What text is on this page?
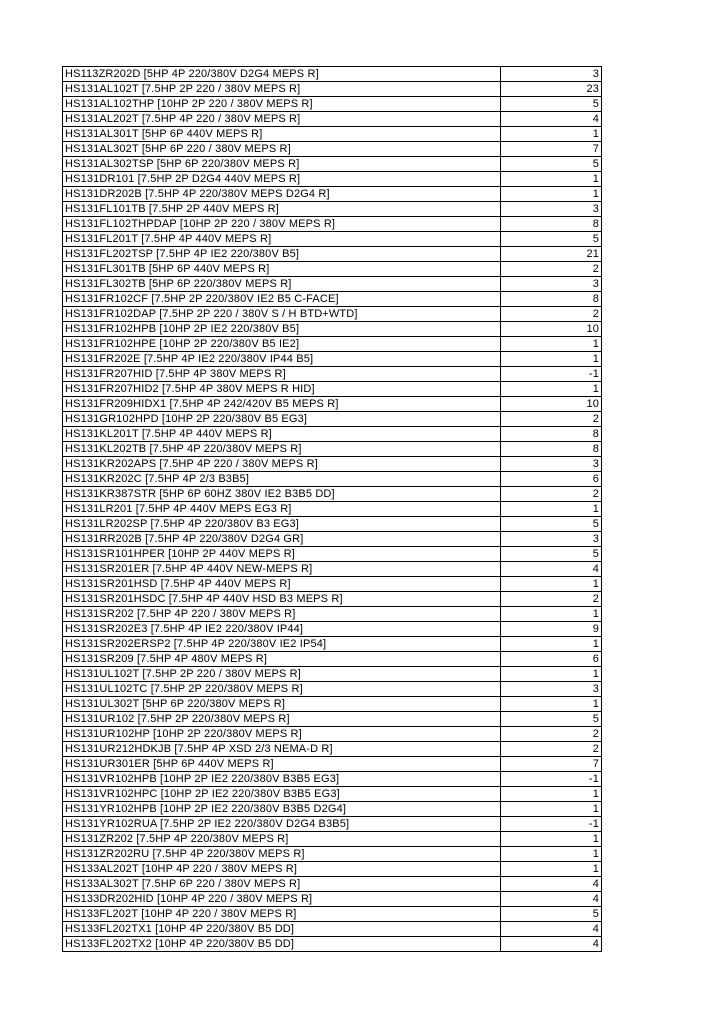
HS113ZR202D [5HP 4P 220/380V D2G4 MEPS R]	3
HS131AL102T [7.5HP 2P 220 / 380V MEPS R]	23
HS131AL102THP [10HP 2P 220 / 380V MEPS R]	5
HS131AL202T [7.5HP 4P 220 / 380V MEPS R]	4
HS131AL301T [5HP 6P 440V MEPS R]	1
HS131AL302T [5HP 6P 220 / 380V MEPS R]	7
HS131AL302TSP [5HP 6P 220/380V MEPS R]	5
HS131DR101 [7.5HP 2P D2G4 440V MEPS R]	1
HS131DR202B [7.5HP 4P 220/380V MEPS D2G4 R]	1
HS131FL101TB [7.5HP 2P 440V MEPS R]	3
HS131FL102THPDAP [10HP 2P 220 / 380V MEPS R]	8
HS131FL201T [7.5HP 4P 440V MEPS R]	5
HS131FL202TSP [7.5HP 4P IE2 220/380V B5]	21
HS131FL301TB [5HP 6P 440V MEPS R]	2
HS131FL302TB [5HP 6P 220/380V MEPS R]	3
HS131FR102CF [7.5HP 2P 220/380V IE2 B5 C-FACE]	8
HS131FR102DAP [7.5HP 2P 220 / 380V S / H BTD+WTD]	2
HS131FR102HPB [10HP 2P IE2 220/380V B5]	10
HS131FR102HPE [10HP 2P 220/380V B5 IE2]	1
HS131FR202E [7.5HP 4P IE2 220/380V IP44 B5]	1
HS131FR207HID [7.5HP 4P 380V MEPS R]	-1
HS131FR207HID2 [7.5HP 4P 380V MEPS R HID]	1
HS131FR209HIDX1 [7.5HP 4P 242/420V B5 MEPS R]	10
HS131GR102HPD [10HP 2P 220/380V B5 EG3]	2
HS131KL201T [7.5HP 4P 440V MEPS R]	8
HS131KL202TB [7.5HP 4P 220/380V MEPS R]	8
HS131KR202APS [7.5HP 4P 220 / 380V MEPS R]	3
HS131KR202C [7.5HP 4P 2/3 B3B5]	6
HS131KR387STR [5HP 6P 60HZ 380V IE2 B3B5 DD]	2
HS131LR201 [7.5HP 4P 440V MEPS EG3 R]	1
HS131LR202SP [7.5HP 4P 220/380V B3 EG3]	5
HS131RR202B [7.5HP 4P 220/380V D2G4 GR]	3
HS131SR101HPER [10HP 2P 440V MEPS R]	5
HS131SR201ER [7.5HP 4P 440V NEW-MEPS R]	4
HS131SR201HSD [7.5HP 4P 440V MEPS R]	1
HS131SR201HSDC [7.5HP 4P 440V HSD B3 MEPS R]	2
HS131SR202 [7.5HP 4P 220 / 380V MEPS R]	1
HS131SR202E3 [7.5HP 4P IE2 220/380V IP44]	9
HS131SR202ERSP2 [7.5HP 4P 220/380V IE2 IP54]	1
HS131SR209 [7.5HP 4P 480V MEPS R]	6
HS131UL102T [7.5HP 2P 220 / 380V MEPS R]	1
HS131UL102TC [7.5HP 2P 220/380V MEPS R]	3
HS131UL302T [5HP 6P 220/380V MEPS R]	1
HS131UR102 [7.5HP 2P 220/380V MEPS R]	5
HS131UR102HP [10HP 2P 220/380V MEPS R]	2
HS131UR212HDKJB [7.5HP 4P XSD 2/3 NEMA-D R]	2
HS131UR301ER [5HP 6P 440V MEPS R]	7
HS131VR102HPB [10HP 2P IE2 220/380V B3B5 EG3]	-1
HS131VR102HPC [10HP 2P IE2 220/380V B3B5 EG3]	1
HS131YR102HPB [10HP 2P IE2 220/380V B3B5 D2G4]	1
HS131YR102RUA [7.5HP 2P IE2 220/380V D2G4 B3B5]	-1
HS131ZR202 [7.5HP 4P 220/380V MEPS R]	1
HS131ZR202RU [7.5HP 4P 220/380V MEPS R]	1
HS133AL202T [10HP 4P 220 / 380V MEPS R]	1
HS133AL302T [7.5HP 6P 220 / 380V MEPS R]	4
HS133DR202HID [10HP 4P 220 / 380V MEPS R]	4
HS133FL202T [10HP 4P 220 / 380V MEPS R]	5
HS133FL202TX1 [10HP 4P 220/380V B5 DD]	4
HS133FL202TX2 [10HP 4P 220/380V B5 DD]	4
